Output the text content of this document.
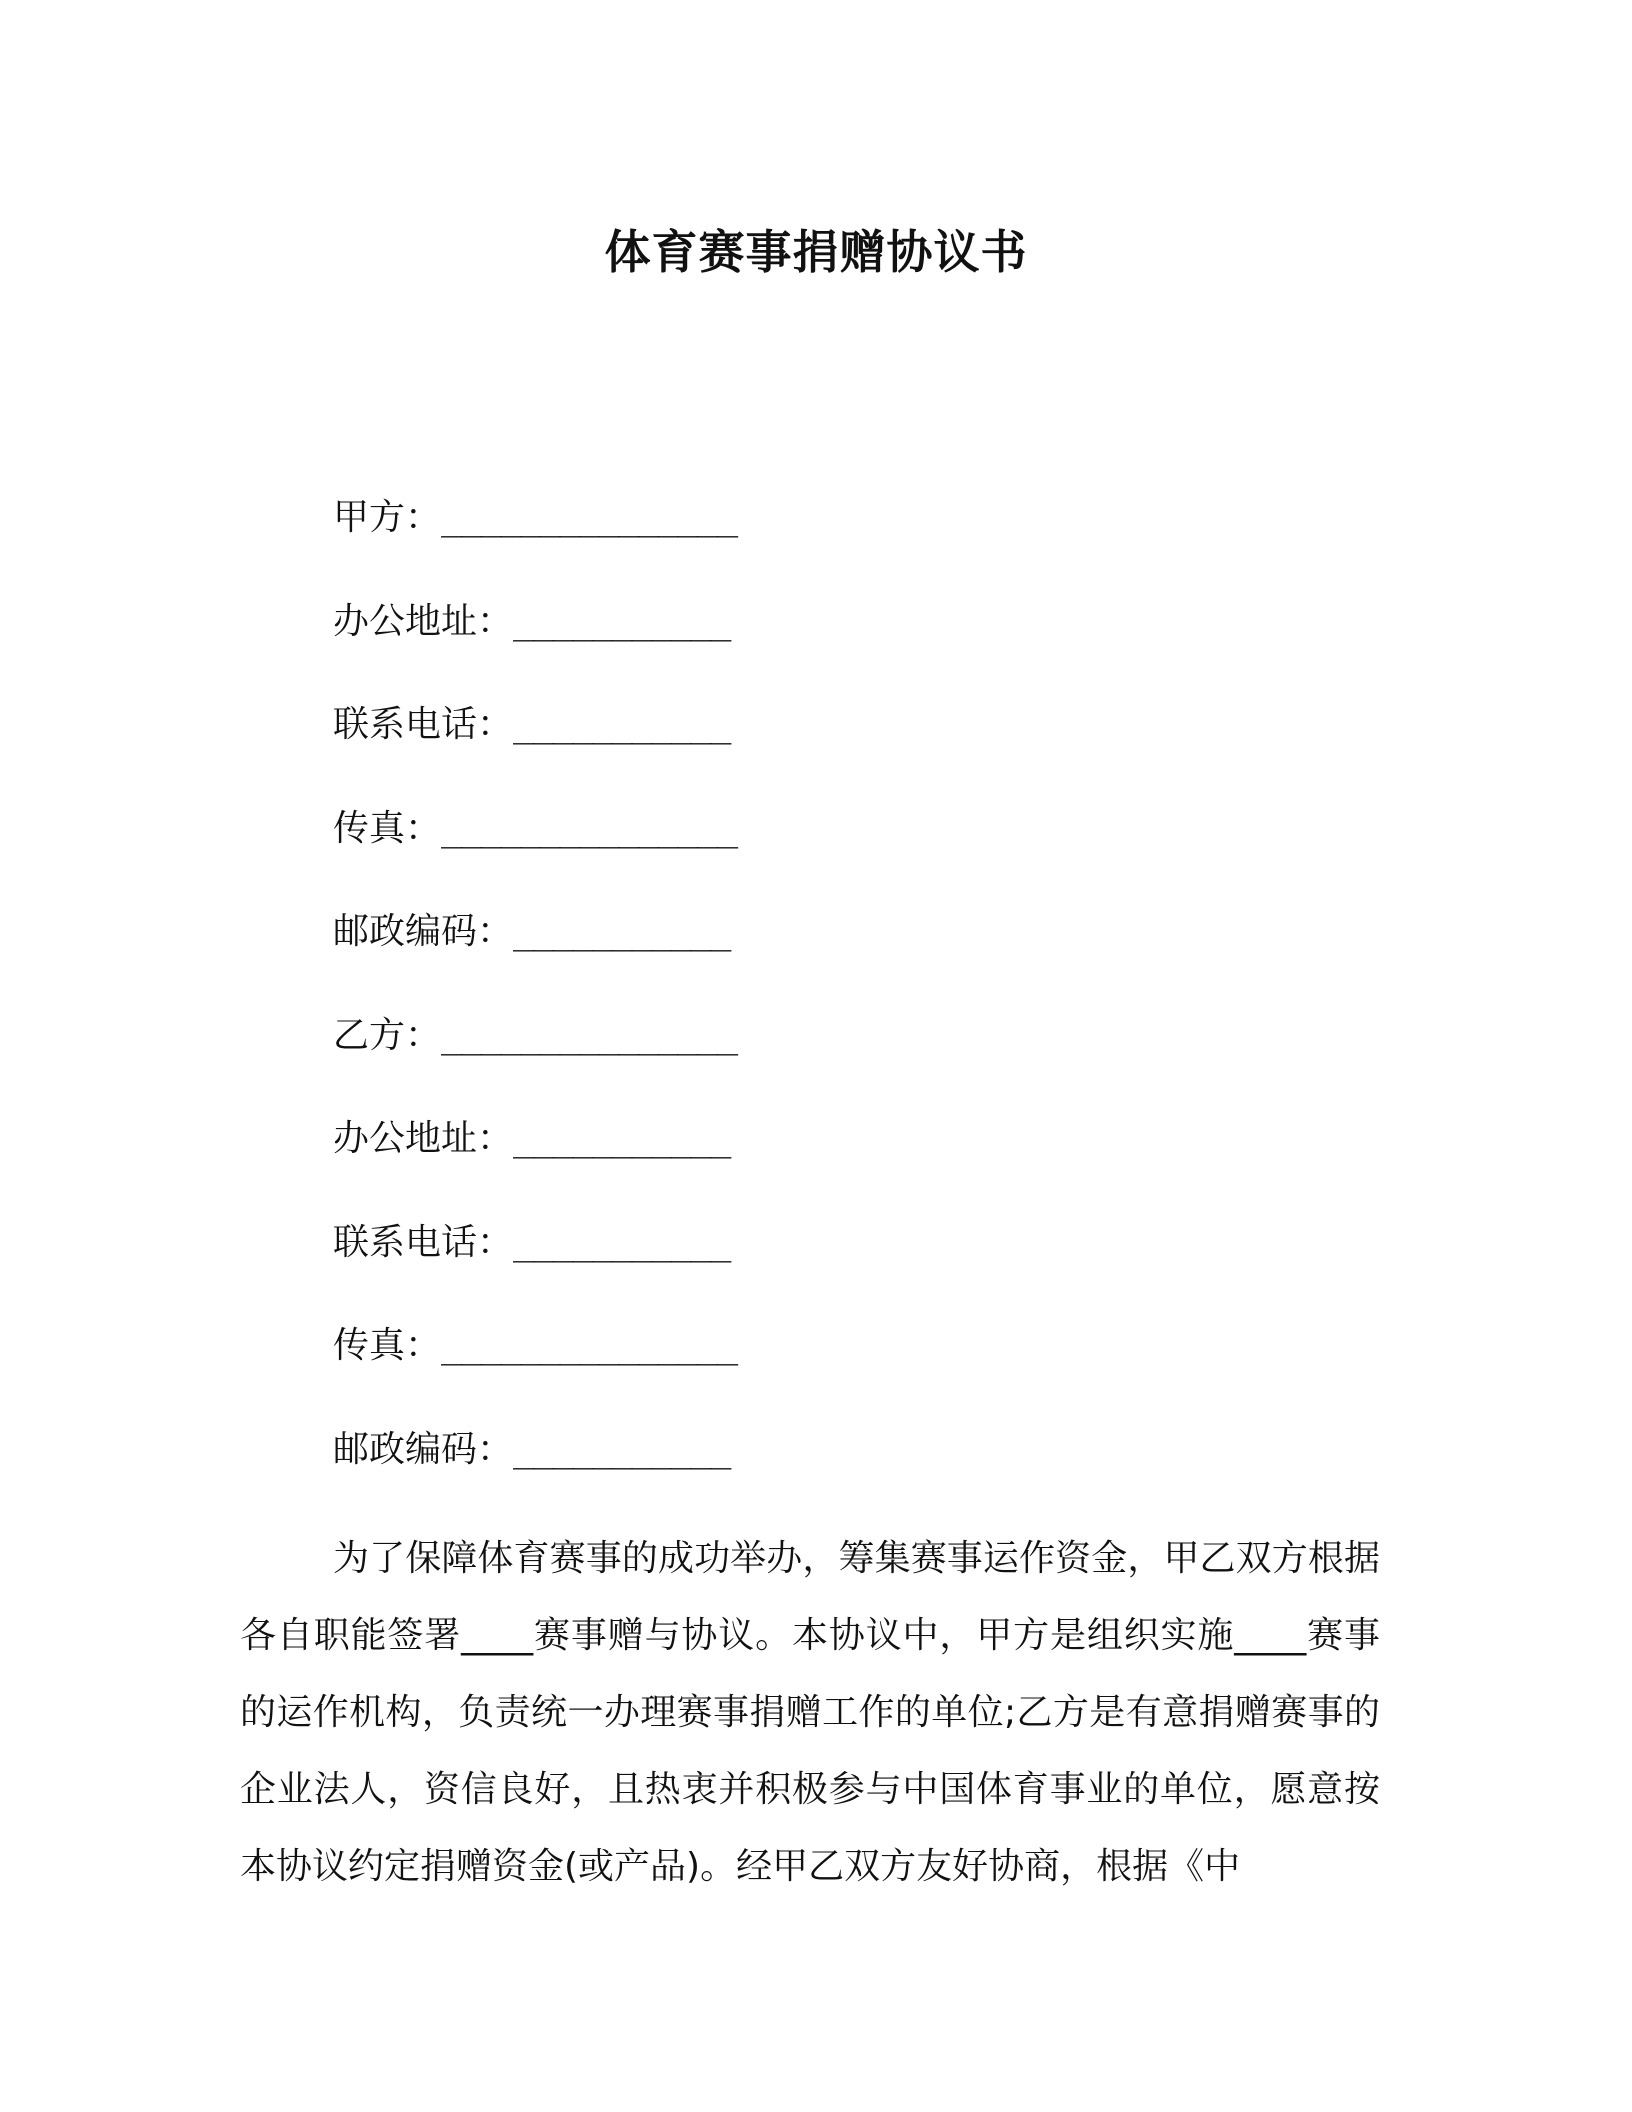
体育赛事捐赠协议书
甲方：_______________
办公地址：___________
联系电话：___________
传真：_______________
邮政编码：___________
乙方：_______________
办公地址：___________
联系电话：___________
传真：_______________
邮政编码：___________

为了保障体育赛事的成功举办，筹集赛事运作资金，甲乙双方根据各自职能签署____赛事赠与协议。本协议中，甲方是组织实施____赛事的运作机构，负责统一办理赛事捐赠工作的单位;乙方是有意捐赠赛事的企业法人，资信良好，且热衷并积极参与中国体育事业的单位，愿意按本协议约定捐赠资金(或产品)。经甲乙双方友好协商，根据《中
